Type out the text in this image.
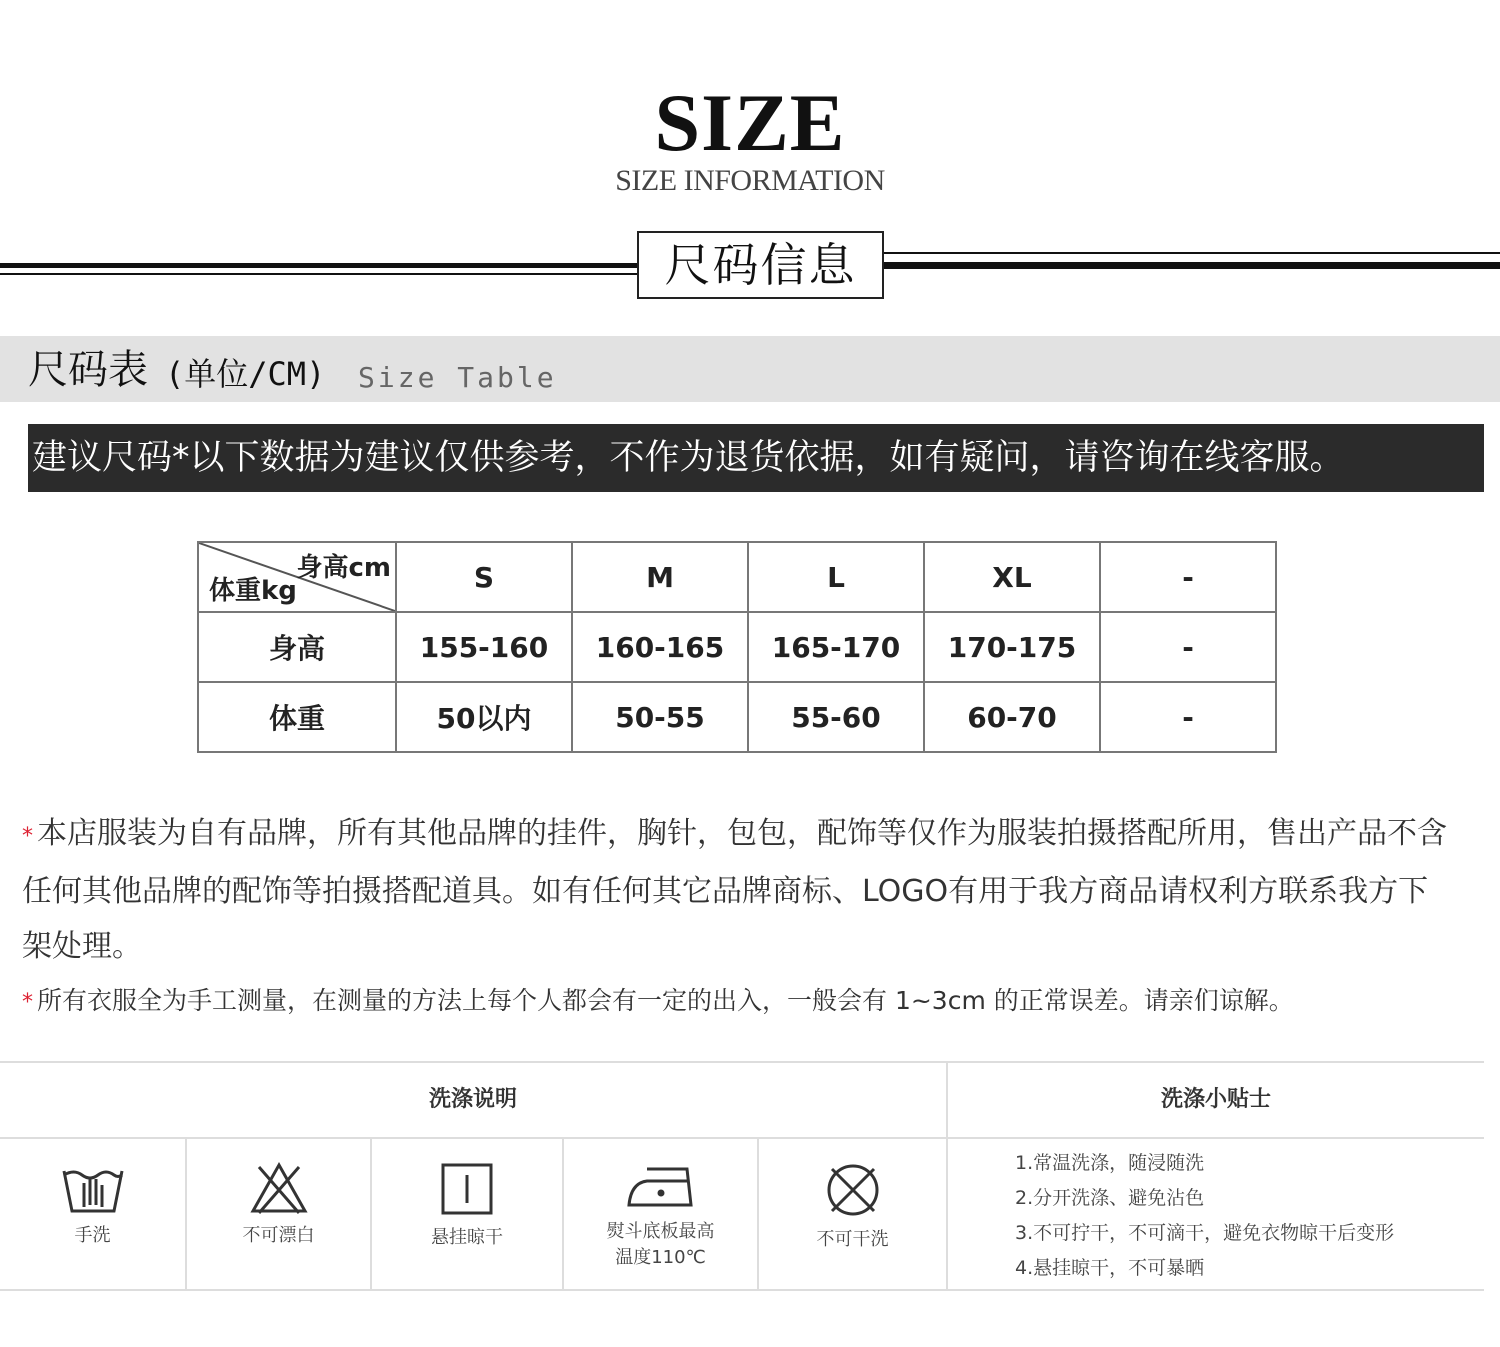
SIZE
SIZE INFORMATION
尺码信息
尺码表 (单位/CM) Size Table
建议尺码*以下数据为建议仅供参考，不作为退货依据，如有疑问，请咨询在线客服。
身高cm
体重kg	S	M	L	XL	-
身高	155-160	160-165	165-170	170-175	-
体重	50以内	50-55	55-60	60-70	-
* 本店服装为自有品牌，所有其他品牌的挂件，胸针，包包，配饰等仅作为服装拍摄搭配所用，售出产品不含任何其他品牌的配饰等拍摄搭配道具。如有任何其它品牌商标、LOGO有用于我方商品请权利方联系我方下架处理。
* 所有衣服全为手工测量，在测量的方法上每个人都会有一定的出入，一般会有 1~3cm 的正常误差。请亲们谅解。
洗涤说明	洗涤小贴士
手洗	不可漂白	悬挂晾干	熨斗底板最高
温度110℃
不可干洗
1.常温洗涤，随浸随洗
2.分开洗涤、避免沾色
3.不可拧干，不可滴干，避免衣物晾干后变形
4.悬挂晾干，不可暴晒
